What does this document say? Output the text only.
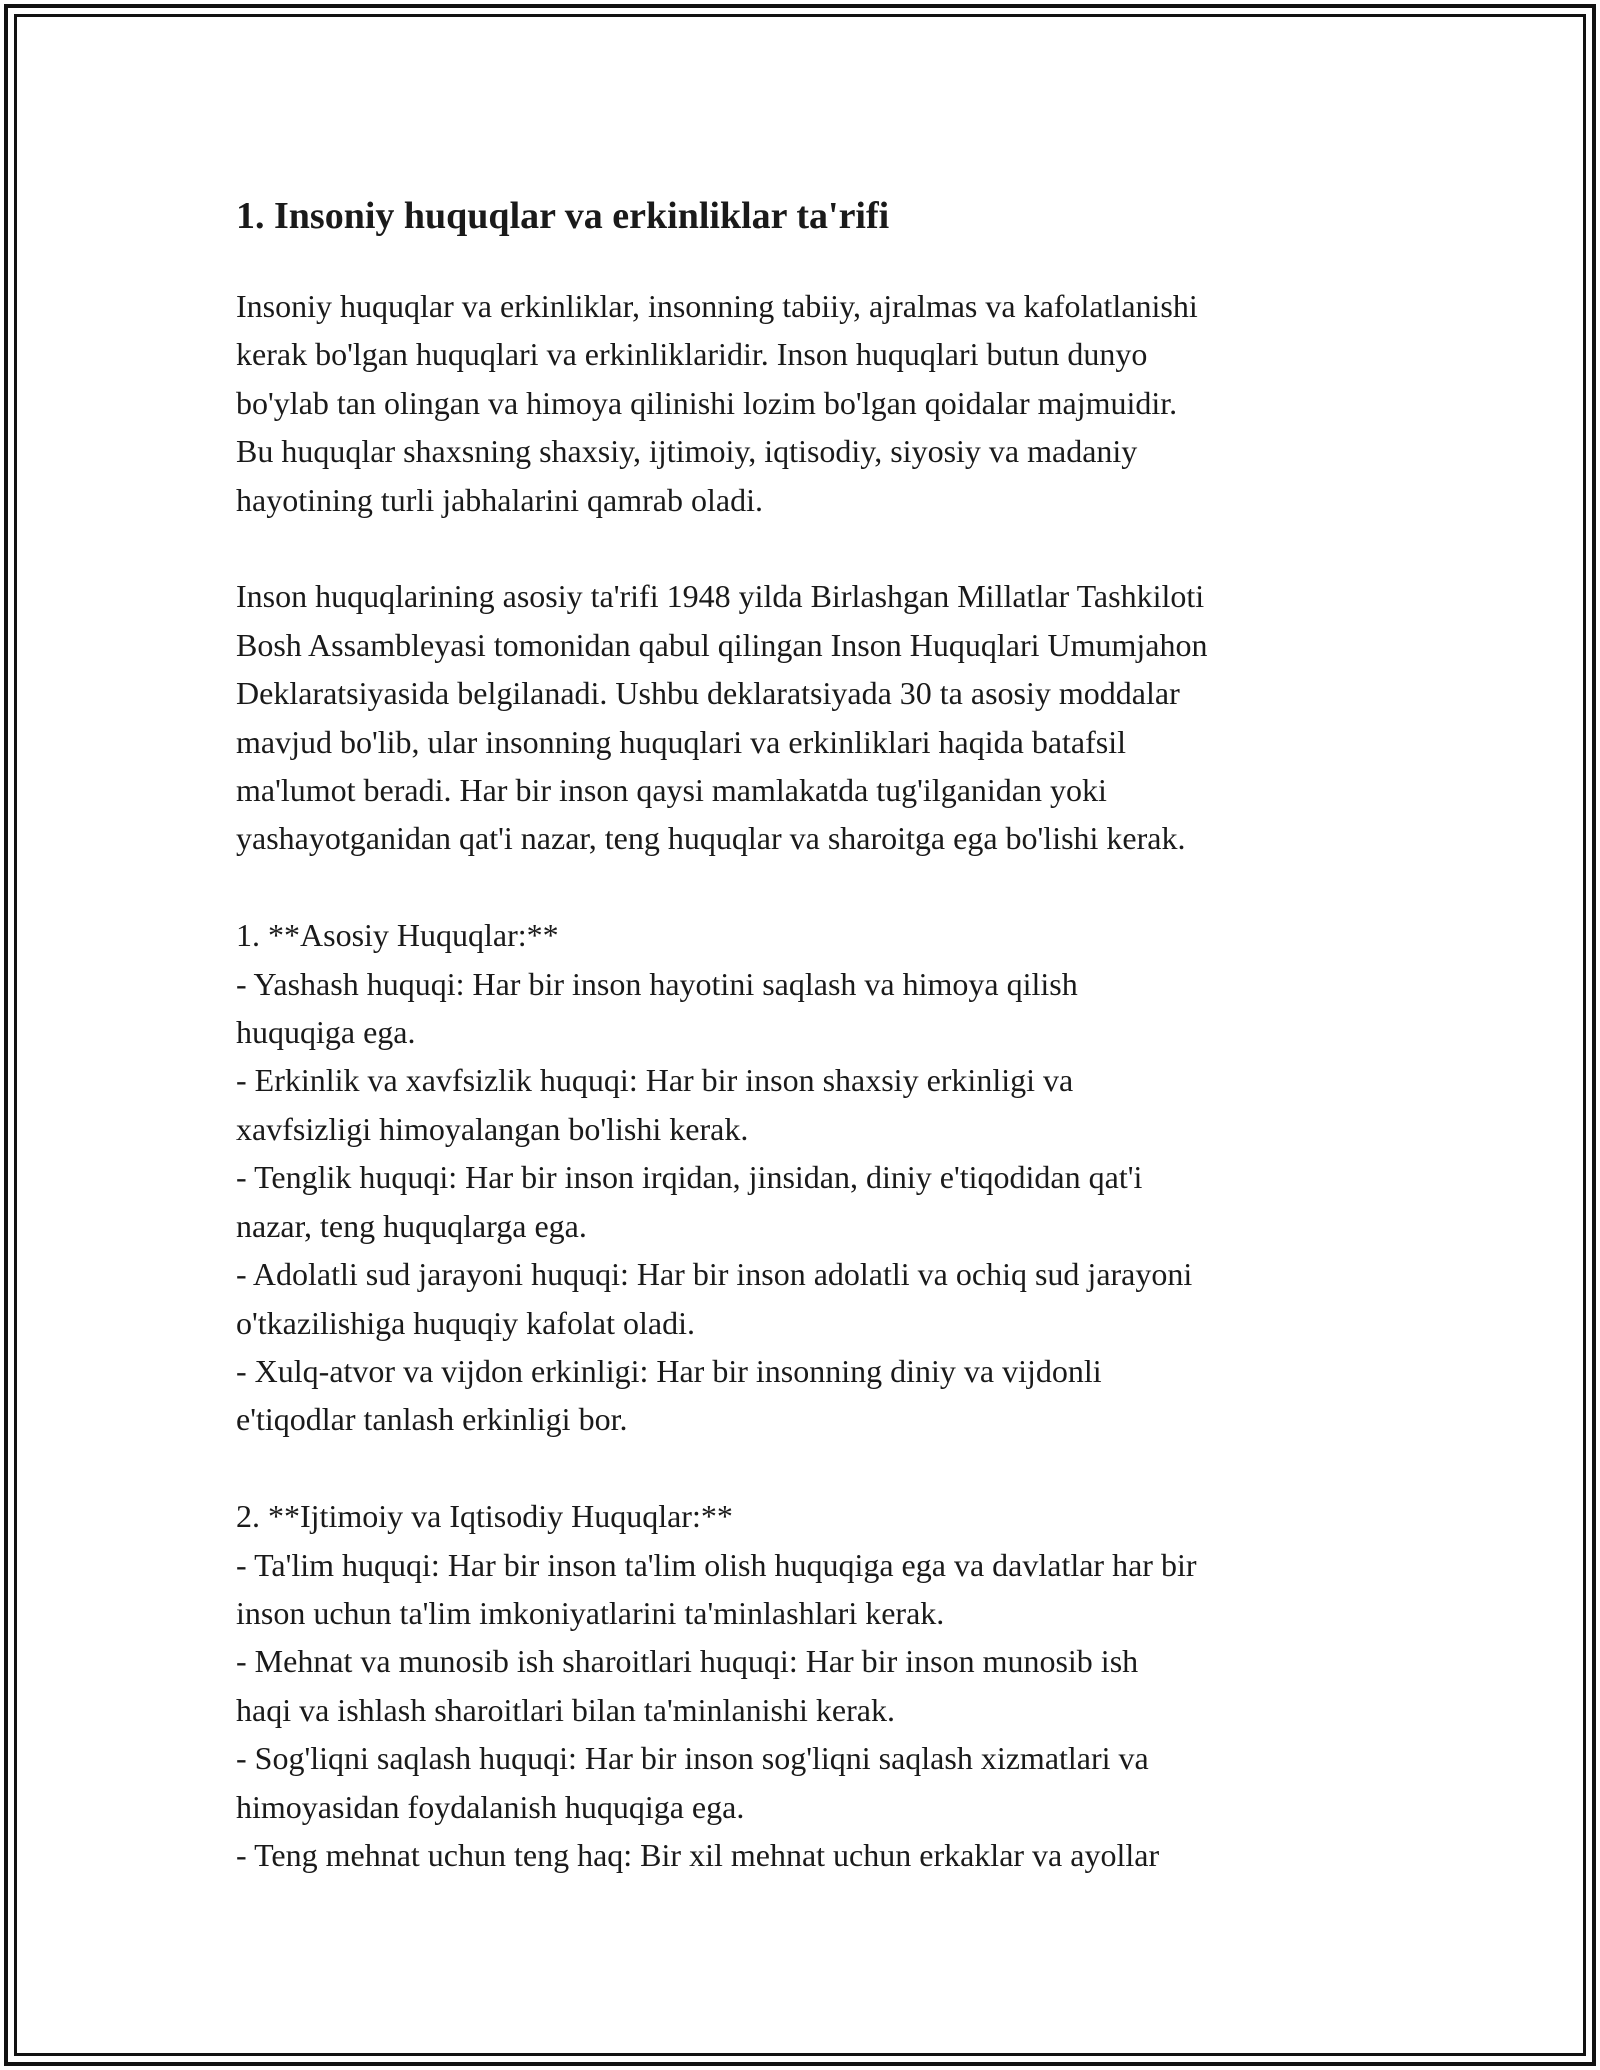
1. Insoniy huquqlar va erkinliklar ta'rifi

Insoniy huquqlar va erkinliklar, insonning tabiiy, ajralmas va kafolatlanishi
kerak bo'lgan huquqlari va erkinliklaridir. Inson huquqlari butun dunyo
bo'ylab tan olingan va himoya qilinishi lozim bo'lgan qoidalar majmuidir.
Bu huquqlar shaxsning shaxsiy, ijtimoiy, iqtisodiy, siyosiy va madaniy
hayotining turli jabhalarini qamrab oladi.

Inson huquqlarining asosiy ta'rifi 1948 yilda Birlashgan Millatlar Tashkiloti
Bosh Assambleyasi tomonidan qabul qilingan Inson Huquqlari Umumjahon
Deklaratsiyasida belgilanadi. Ushbu deklaratsiyada 30 ta asosiy moddalar
mavjud bo'lib, ular insonning huquqlari va erkinliklari haqida batafsil
ma'lumot beradi. Har bir inson qaysi mamlakatda tug'ilganidan yoki
yashayotganidan qat'i nazar, teng huquqlar va sharoitga ega bo'lishi kerak.

1. **Asosiy Huquqlar:**

- Yashash huquqi: Har bir inson hayotini saqlash va himoya qilish
huquqiga ega.

- Erkinlik va xavfsizlik huquqi: Har bir inson shaxsiy erkinligi va
xavfsizligi himoyalangan bo'lishi kerak.

- Tenglik huquqi: Har bir inson irqidan, jinsidan, diniy e'tiqodidan qat'i
nazar, teng huquqlarga ega.

- Adolatli sud jarayoni huquqi: Har bir inson adolatli va ochiq sud jarayoni
o'tkazilishiga huquqiy kafolat oladi.

- Xulq-atvor va vijdon erkinligi: Har bir insonning diniy va vijdonli
e'tiqodlar tanlash erkinligi bor.

2. **Ijtimoiy va Iqtisodiy Huquqlar:**

- Ta'lim huquqi: Har bir inson ta'lim olish huquqiga ega va davlatlar har bir
inson uchun ta'lim imkoniyatlarini ta'minlashlari kerak.

- Mehnat va munosib ish sharoitlari huquqi: Har bir inson munosib ish
haqi va ishlash sharoitlari bilan ta'minlanishi kerak.

- Sog'liqni saqlash huquqi: Har bir inson sog'liqni saqlash xizmatlari va
himoyasidan foydalanish huquqiga ega.

- Teng mehnat uchun teng haq: Bir xil mehnat uchun erkaklar va ayollar
